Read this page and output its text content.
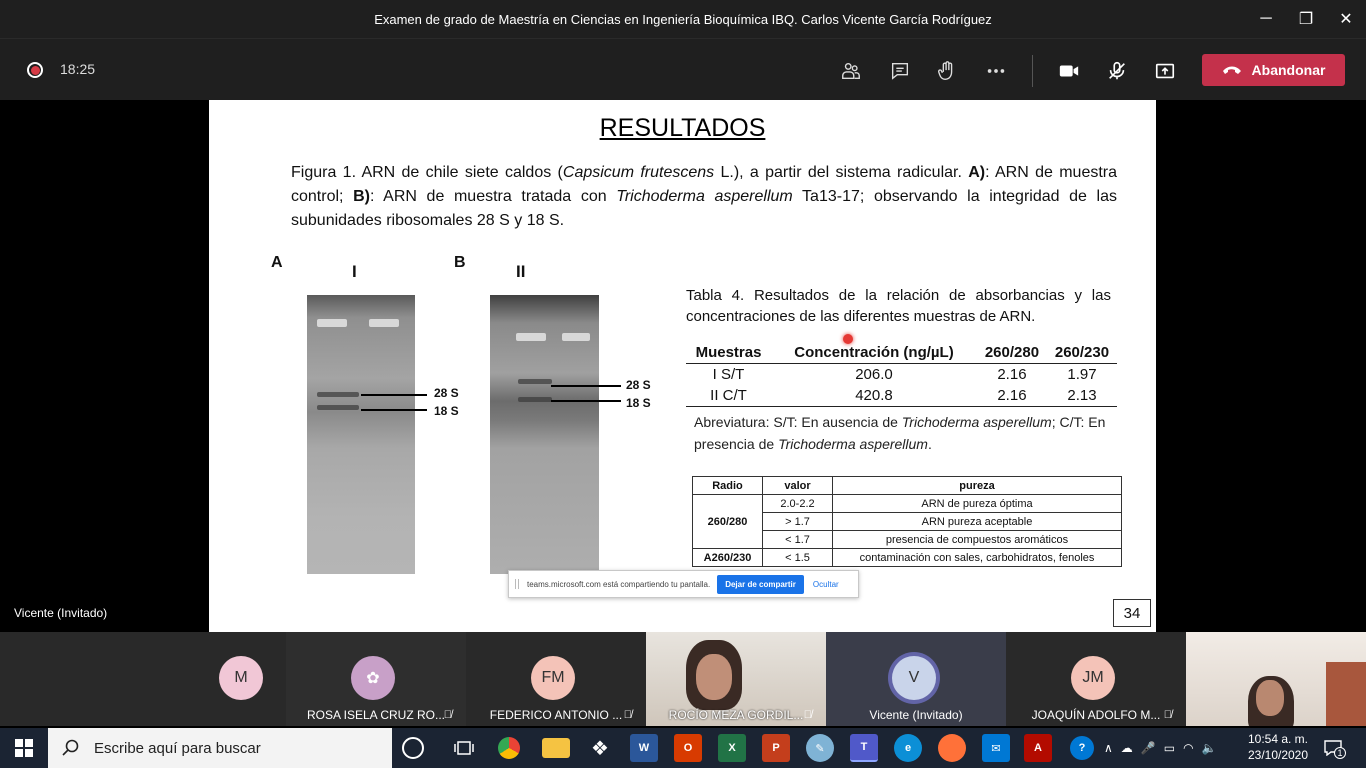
Examen de grado de Maestría en Ciencias en Ingeniería Bioquímica IBQ. Carlos Vicente García Rodríguez	─	❐	✕
18:25	Abandonar
RESULTADOS
Figura 1. ARN de chile siete caldos (Capsicum frutescens L.), a partir del sistema radicular. A): ARN de muestra control; B): ARN de muestra tratada con Trichoderma asperellum Ta13-17; observando la integridad de las subunidades ribosomales 28 S y 18 S.
A	I	B	II
28 S
18 S
28 S
18 S
Tabla 4. Resultados de la relación de absorbancias y las concentraciones de las diferentes muestras de ARN.
Muestras	Concentración (ng/µL)	260/280	260/230
I S/T	206.0	2.16	1.97
II C/T	420.8	2.16	2.13
Abreviatura: S/T: En ausencia de Trichoderma asperellum; C/T: En presencia de Trichoderma asperellum.
Radio	valor	pureza
260/280	2.0-2.2	ARN de pureza óptima
	> 1.7	ARN pureza aceptable
	< 1.7	presencia de compuestos aromáticos
A260/230	< 1.5	contaminación con sales, carbohidratos, fenoles
34
teams.microsoft.com está compartiendo tu pantalla.	Dejar de compartir	Ocultar
Vicente (Invitado)
M	✿
ROSA ISELA CRUZ RO...
🎙̸
FM
FEDERICO ANTONIO ... 🎙̸	ROCÍO MEZA GORDIL... 🎙̸
V
Vicente (Invitado)
JM
JOAQUÍN ADOLFO M... 🎙̸
Escribe aquí para buscar	❖	W	O	X	P	✎	T	e	✉	A	?	∧ ☁ 🎤 ▭ ◠ 🔈
10:54 a. m.
23/10/2020	1
